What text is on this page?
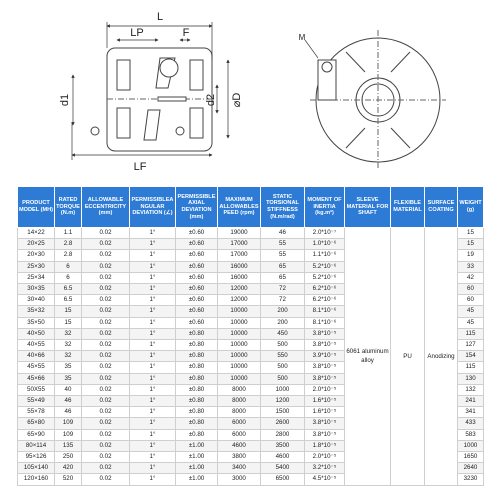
L
LP	F
d1	d2 ⌀D
LF
M
PRODUCT MODEL (MH)	RATED TORQUE (N.m)	ALLOWABLE ECCENTRICITY (mm)	PERMISSIBLEA NGULAR DEVIATION (∠)	PERMISSIBLE AXIAL DEVIATION (mm)	MAXIMUM ALLOWABLES PEED (rpm)	STATIC TORSIONAL STIFFNESS (N.m/rad)	MOMENT OF INERTIA (kg.m²)	SLEEVE MATERIAL FOR SHAFT	FLEXIBLE MATERIAL	SURFACE COATING	WEIGHT (g)
14×22	1.1	0.02	1°	±0.60	19000	46	2.0*10⁻⁷	6061 aluminum alloy	PU	Anodizing	15
20×25	2.8	0.02	1°	±0.60	17000	55	1.0*10⁻⁶				15
20×30	2.8	0.02	1°	±0.60	17000	55	1.1*10⁻⁶				19
25×30	6	0.02	1°	±0.60	16000	65	5.2*10⁻⁶				33
25×34	6	0.02	1°	±0.60	16000	65	5.2*10⁻⁶				42
30×35	6.5	0.02	1°	±0.60	12000	72	6.2*10⁻⁶				60
30×40	6.5	0.02	1°	±0.60	12000	72	6.2*10⁻⁶				60
35×32	15	0.02	1°	±0.60	10000	200	8.1*10⁻⁶				45
35×50	15	0.02	1°	±0.60	10000	200	8.1*10⁻⁶				45
40×50	32	0.02	1°	±0.80	10000	450	3.8*10⁻⁵				115
40×55	32	0.02	1°	±0.80	10000	500	3.8*10⁻⁵				127
40×66	32	0.02	1°	±0.80	10000	550	3.9*10⁻⁵				154
45×55	35	0.02	1°	±0.80	10000	500	3.8*10⁻⁵				115
45×66	35	0.02	1°	±0.80	10000	500	3.8*10⁻⁵				130
50X55	40	0.02	1°	±0.80	8000	1000	2.0*10⁻⁵				132
55×49	46	0.02	1°	±0.80	8000	1200	1.6*10⁻⁵				241
55×78	46	0.02	1°	±0.80	8000	1500	1.6*10⁻⁵				341
65×80	109	0.02	1°	±0.80	6000	2600	3.8*10⁻⁵				433
65×90	109	0.02	1°	±0.80	6000	2800	3.8*10⁻⁵				583
80×114	135	0.02	1°	±1.00	4600	3500	1.8*10⁻⁵				1000
95×126	250	0.02	1°	±1.00	3800	4600	2.0*10⁻⁵				1650
105×140	420	0.02	1°	±1.00	3400	5400	3.2*10⁻⁵				2640
120×160	520	0.02	1°	±1.00	3000	6500	4.5*10⁻⁵				3230
